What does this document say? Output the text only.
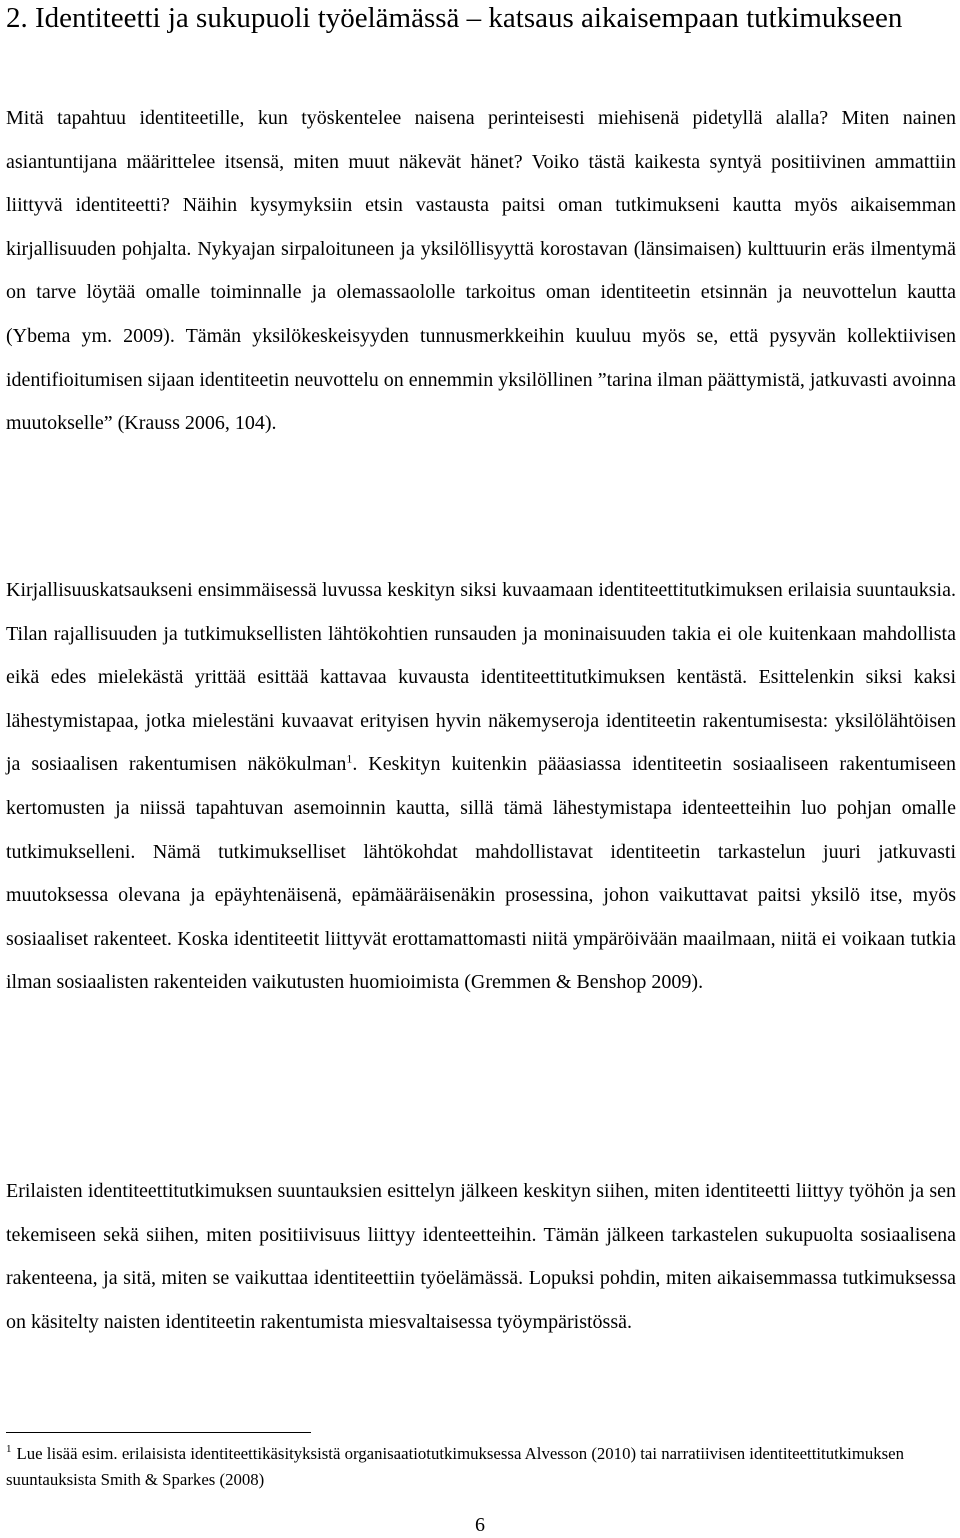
2. Identiteetti ja sukupuoli työelämässä – katsaus aikaisempaan tutkimukseen

Mitä tapahtuu identiteetille, kun työskentelee naisena perinteisesti miehisenä pidetyllä alalla? Miten nainen asiantuntijana määrittelee itsensä, miten muut näkevät hänet? Voiko tästä kaikesta syntyä positiivinen ammattiin liittyvä identiteetti? Näihin kysymyksiin etsin vastausta paitsi oman tutkimukseni kautta myös aikaisemman kirjallisuuden pohjalta. Nykyajan sirpaloituneen ja yksilöllisyyttä korostavan (länsimaisen) kulttuurin eräs ilmentymä on tarve löytää omalle toiminnalle ja olemassaololle tarkoitus oman identiteetin etsinnän ja neuvottelun kautta (Ybema ym. 2009). Tämän yksilökeskeisyyden tunnusmerkkeihin kuuluu myös se, että pysyvän kollektiivisen identifioitumisen sijaan identiteetin neuvottelu on ennemmin yksilöllinen ”tarina ilman päättymistä, jatkuvasti avoinna muutokselle” (Krauss 2006, 104).

Kirjallisuuskatsaukseni ensimmäisessä luvussa keskityn siksi kuvaamaan identiteettitutkimuksen erilaisia suuntauksia. Tilan rajallisuuden ja tutkimuksellisten lähtökohtien runsauden ja moninaisuuden takia ei ole kuitenkaan mahdollista eikä edes mielekästä yrittää esittää kattavaa kuvausta identiteettitutkimuksen kentästä. Esittelenkin siksi kaksi lähestymistapaa, jotka mielestäni kuvaavat erityisen hyvin näkemyseroja identiteetin rakentumisesta: yksilölähtöisen ja sosiaalisen rakentumisen näkökulman$^1$. Keskityn kuitenkin pääasiassa identiteetin sosiaaliseen rakentumiseen kertomusten ja niissä tapahtuvan asemoinnin kautta, sillä tämä lähestymistapa identeetteihin luo pohjan omalle tutkimukselleni. Nämä tutkimukselliset lähtökohdat mahdollistavat identiteetin tarkastelun juuri jatkuvasti muutoksessa olevana ja epäyhtenäisenä, epämääräisenäkin prosessina, johon vaikuttavat paitsi yksilö itse, myös sosiaaliset rakenteet. Koska identiteetit liittyvät erottamattomasti niitä ympäröivään maailmaan, niitä ei voikaan tutkia ilman sosiaalisten rakenteiden vaikutusten huomioimista (Gremmen & Benshop 2009).

Erilaisten identiteettitutkimuksen suuntauksien esittelyn jälkeen keskityn siihen, miten identiteetti liittyy työhön ja sen tekemiseen sekä siihen, miten positiivisuus liittyy identeetteihin. Tämän jälkeen tarkastelen sukupuolta sosiaalisena rakenteena, ja sitä, miten se vaikuttaa identiteettiin työelämässä. Lopuksi pohdin, miten aikaisemmassa tutkimuksessa on käsitelty naisten identiteetin rakentumista miesvaltaisessa työympäristössä.

$^1$ Lue lisää esim. erilaisista identiteettikäsityksistä organisaatiotutkimuksessa Alvesson (2010) tai narratiivisen identiteettitutkimuksen suuntauksista Smith & Sparkes (2008)

6
